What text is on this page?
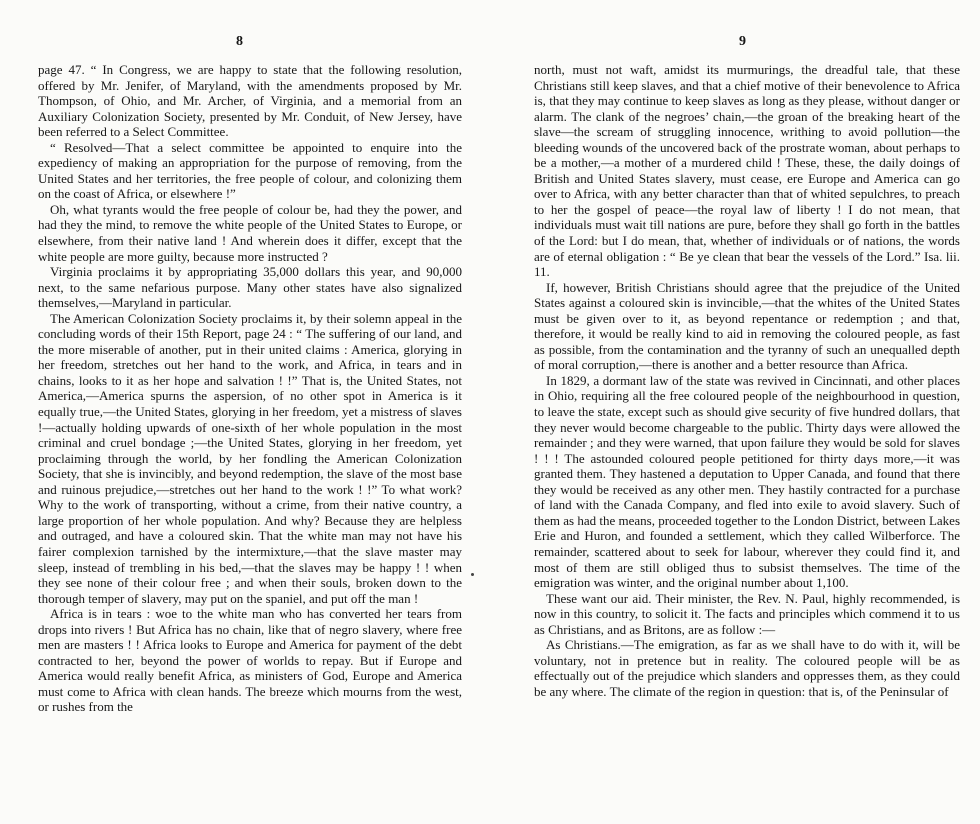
8

page 47. “ In Congress, we are happy to state that the following resolution, offered by Mr. Jenifer, of Maryland, with the amendments proposed by Mr. Thompson, of Ohio, and Mr. Archer, of Virginia, and a memorial from an Auxiliary Colonization Society, presented by Mr. Conduit, of New Jersey, have been referred to a Select Committee.

“ Resolved—That a select committee be appointed to enquire into the expediency of making an appropriation for the purpose of removing, from the United States and her territories, the free people of colour, and colonizing them on the coast of Africa, or elsewhere !”

Oh, what tyrants would the free people of colour be, had they the power, and had they the mind, to remove the white people of the United States to Europe, or elsewhere, from their native land ! And wherein does it differ, except that the white people are more guilty, because more instructed ?

Virginia proclaims it by appropriating 35,000 dollars this year, and 90,000 next, to the same nefarious purpose. Many other states have also signalized themselves,—Maryland in particular.

The American Colonization Society proclaims it, by their solemn appeal in the concluding words of their 15th Report, page 24 : “ The suffering of our land, and the more miserable of another, put in their united claims : America, glorying in her freedom, stretches out her hand to the work, and Africa, in tears and in chains, looks to it as her hope and salvation ! !” That is, the United States, not America,—America spurns the aspersion, of no other spot in America is it equally true,—the United States, glorying in her freedom, yet a mistress of slaves !—actually holding upwards of one-sixth of her whole population in the most criminal and cruel bondage ;—the United States, glorying in her freedom, yet proclaiming through the world, by her fondling the American Colonization Society, that she is invincibly, and beyond redemption, the slave of the most base and ruinous prejudice,—stretches out her hand to the work ! !” To what work? Why to the work of transporting, without a crime, from their native country, a large proportion of her whole population. And why? Because they are helpless and outraged, and have a coloured skin. That the white man may not have his fairer complexion tarnished by the intermixture,—that the slave master may sleep, instead of trembling in his bed,—that the slaves may be happy ! ! when they see none of their colour free ; and when their souls, broken down to the thorough temper of slavery, may put on the spaniel, and put off the man !

Africa is in tears : woe to the white man who has converted her tears from drops into rivers ! But Africa has no chain, like that of negro slavery, where free men are masters ! ! Africa looks to Europe and America for payment of the debt contracted to her, beyond the power of worlds to repay. But if Europe and America would really benefit Africa, as ministers of God, Europe and America must come to Africa with clean hands. The breeze which mourns from the west, or rushes from the

9

north, must not waft, amidst its murmurings, the dreadful tale, that these Christians still keep slaves, and that a chief motive of their benevolence to Africa is, that they may continue to keep slaves as long as they please, without danger or alarm. The clank of the negroes’ chain,—the groan of the breaking heart of the slave—the scream of struggling innocence, writhing to avoid pollution—the bleeding wounds of the uncovered back of the prostrate woman, about perhaps to be a mother,—a mother of a murdered child ! These, these, the daily doings of British and United States slavery, must cease, ere Europe and America can go over to Africa, with any better character than that of whited sepulchres, to preach to her the gospel of peace—the royal law of liberty ! I do not mean, that individuals must wait till nations are pure, before they shall go forth in the battles of the Lord: but I do mean, that, whether of individuals or of nations, the words are of eternal obligation : “ Be ye clean that bear the vessels of the Lord.” Isa. lii. 11.

If, however, British Christians should agree that the prejudice of the United States against a coloured skin is invincible,—that the whites of the United States must be given over to it, as beyond repentance or redemption ; and that, therefore, it would be really kind to aid in removing the coloured people, as fast as possible, from the contamination and the tyranny of such an unequalled depth of moral corruption,—there is another and a better resource than Africa.

In 1829, a dormant law of the state was revived in Cincinnati, and other places in Ohio, requiring all the free coloured people of the neighbourhood in question, to leave the state, except such as should give security of five hundred dollars, that they never would become chargeable to the public. Thirty days were allowed the remainder ; and they were warned, that upon failure they would be sold for slaves ! ! ! The astounded coloured people petitioned for thirty days more,—it was granted them. They hastened a deputation to Upper Canada, and found that there they would be received as any other men. They hastily contracted for a purchase of land with the Canada Company, and fled into exile to avoid slavery. Such of them as had the means, proceeded together to the London District, between Lakes Erie and Huron, and founded a settlement, which they called Wilberforce. The remainder, scattered about to seek for labour, wherever they could find it, and most of them are still obliged thus to subsist themselves. The time of the emigration was winter, and the original number about 1,100.

These want our aid. Their minister, the Rev. N. Paul, highly recommended, is now in this country, to solicit it. The facts and principles which commend it to us as Christians, and as Britons, are as follow :—

As Christians.—The emigration, as far as we shall have to do with it, will be voluntary, not in pretence but in reality. The coloured people will be as effectually out of the prejudice which slanders and oppresses them, as they could be any where. The climate of the region in question: that is, of the Peninsular of
